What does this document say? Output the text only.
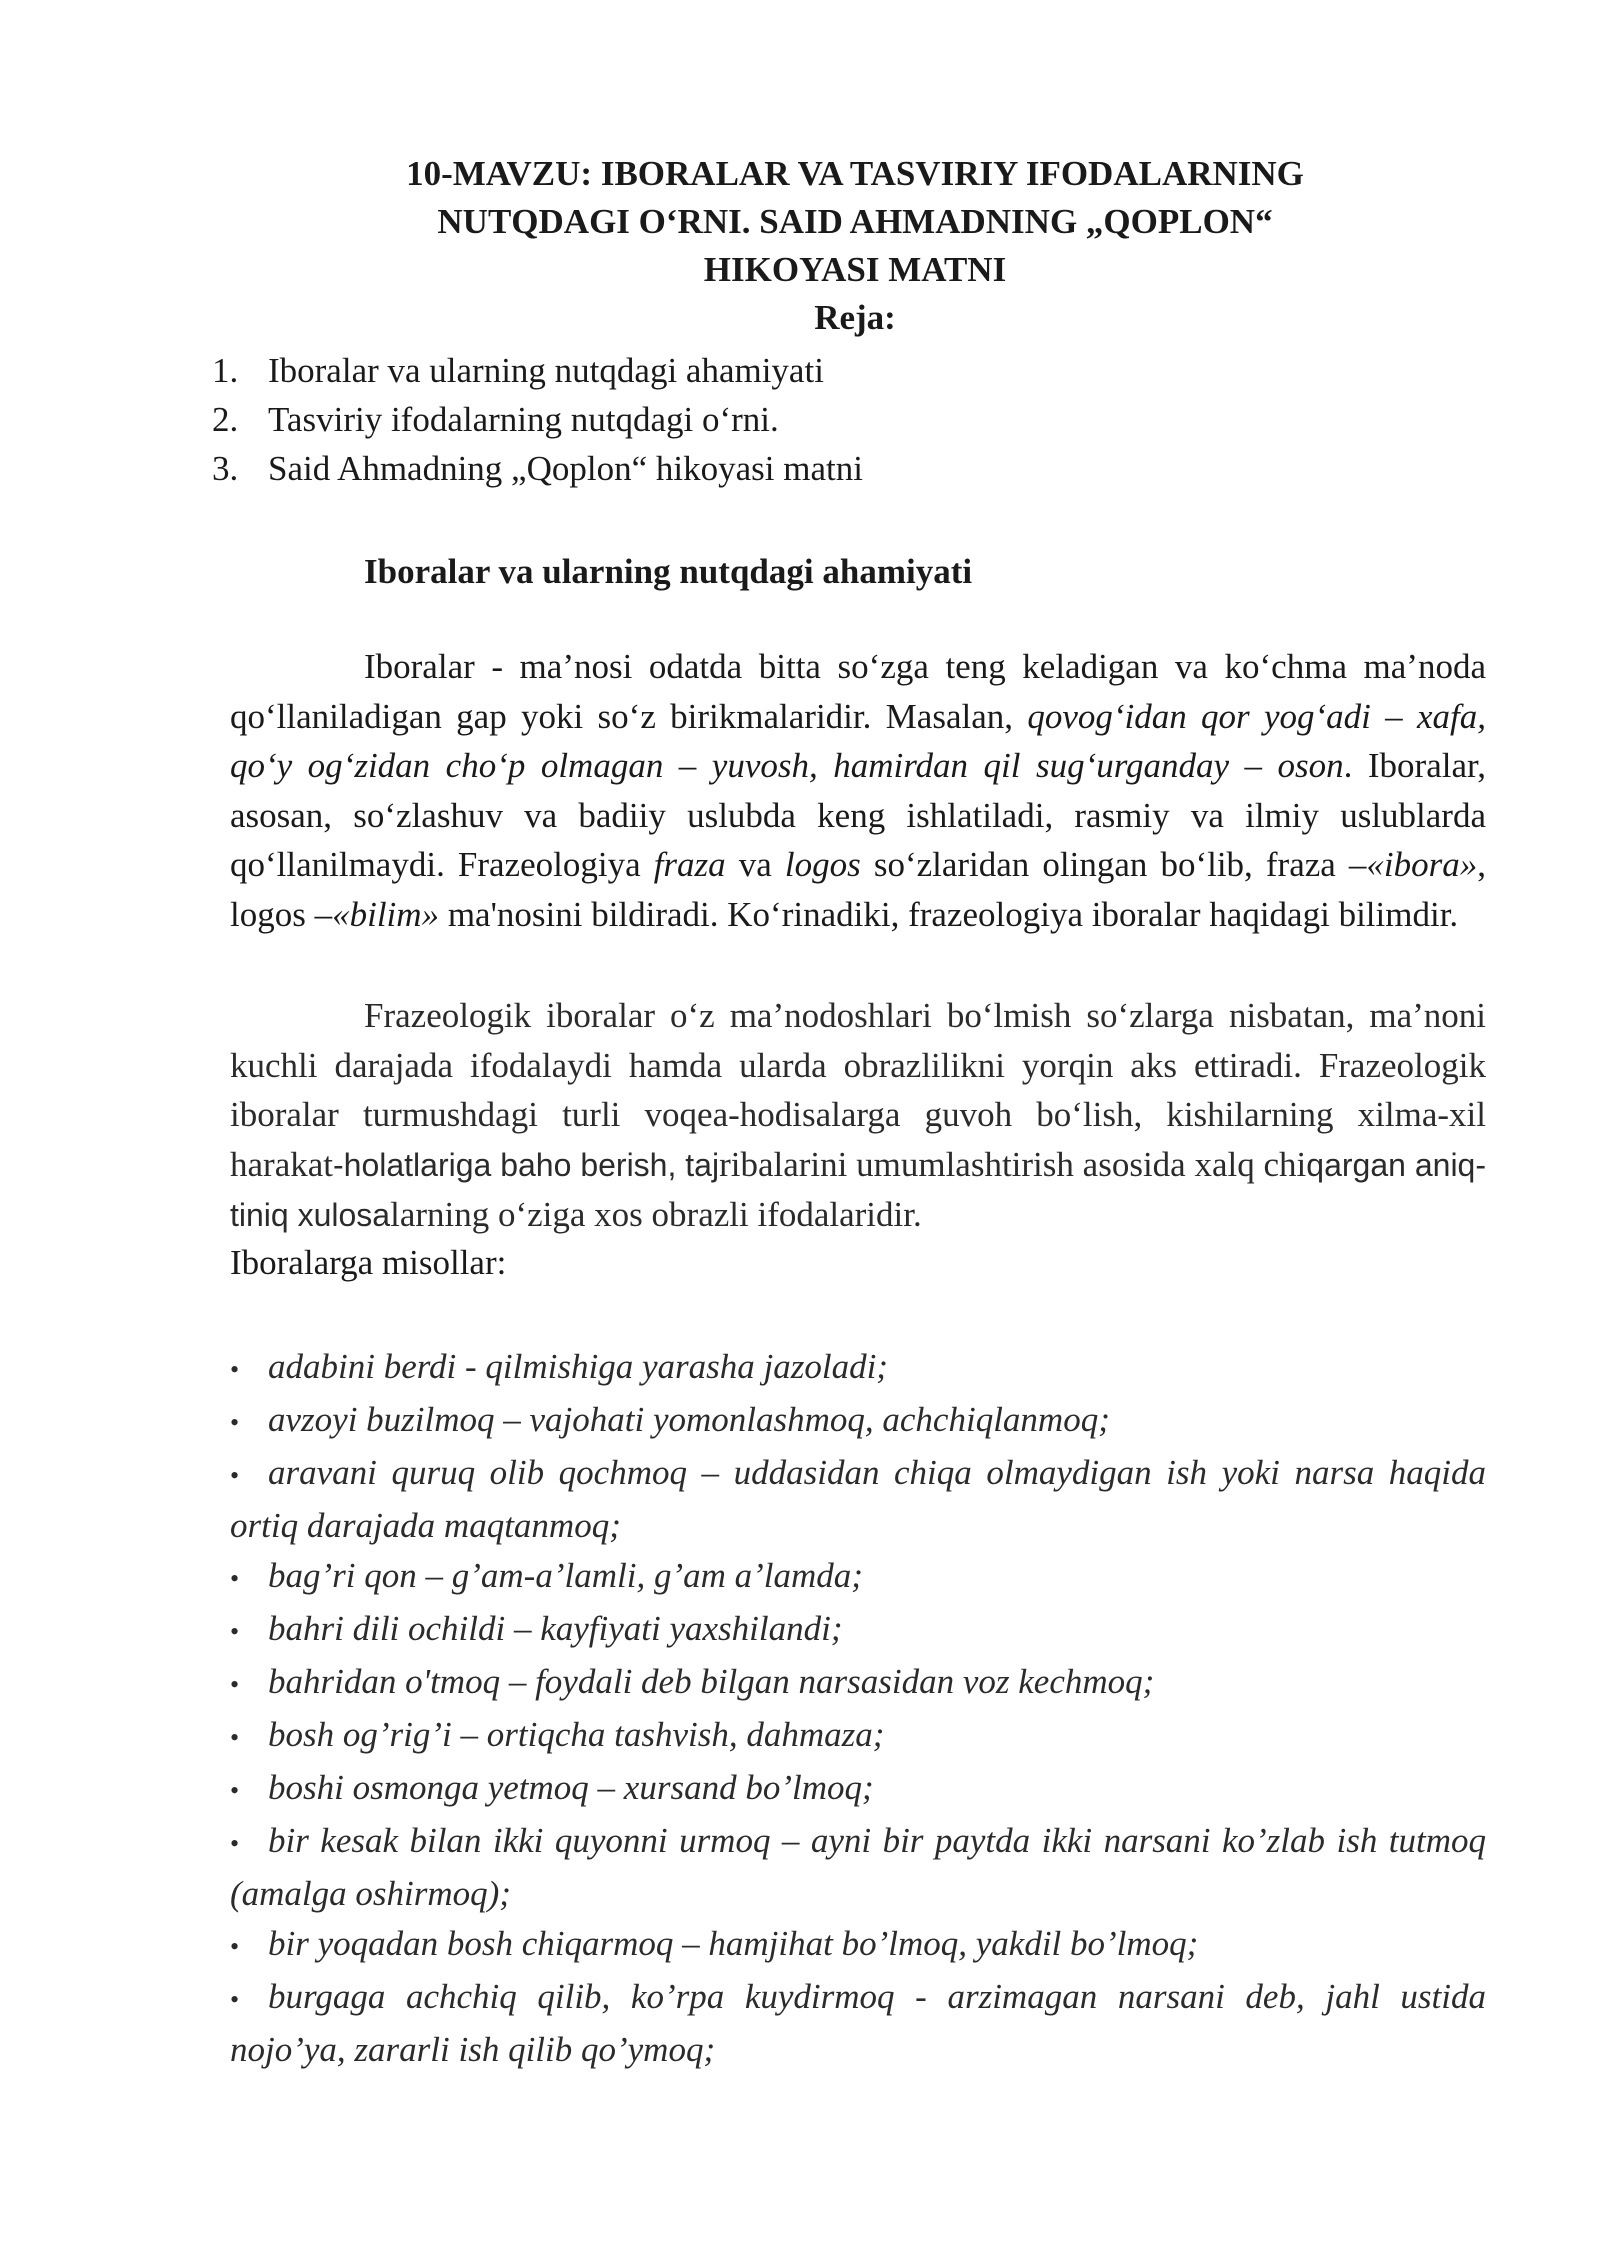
10-MAVZU: IBORALAR VA TASVIRIY IFODALARNING
NUTQDAGI O‘RNI. SAID AHMADNING „QOPLON“
HIKOYASI MATNI
Reja:
1. Iboralar va ularning nutqdagi ahamiyati
2. Tasviriy ifodalarning nutqdagi o‘rni.
3. Said Ahmadning „Qoplon“ hikoyasi matni
Iboralar va ularning nutqdagi ahamiyati

Iboralar - ma’nosi odatda bitta so‘zga teng keladigan va ko‘chma ma’noda qo‘llaniladigan gap yoki so‘z birikmalaridir. Masalan, qovog‘idan qor yog‘adi – xafa, qo‘y og‘zidan cho‘p olmagan – yuvosh, hamirdan qil sug‘urganday – oson. Iboralar, asosan, so‘zlashuv va badiiy uslubda keng ishlatiladi, rasmiy va ilmiy uslublarda qo‘llanilmaydi. Frazeologiya fraza va logos so‘zlaridan olingan bo‘lib, fraza –«ibora», logos –«bilim» ma'nosini bildiradi. Ko‘rinadiki, frazeologiya iboralar haqidagi bilimdir.

Frazeologik iboralar o‘z ma’nodoshlari bo‘lmish so‘zlarga nisbatan, ma’noni kuchli darajada ifodalaydi hamda ularda obrazlilikni yorqin aks ettiradi. Frazeologik iboralar turmushdagi turli voqea-hodisalarga guvoh bo‘lish, kishilarning xilma-xil harakat-holatlariga baho berish, tajribalarini umumlashtirish asosida xalq chiqargan aniq-tiniq xulosalarning o‘ziga xos obrazli ifodalaridir.

Iboralarga misollar:
• adabini berdi - qilmishiga yarasha jazoladi;
• avzoyi buzilmoq – vajohati yomonlashmoq, achchiqlanmoq;
• aravani quruq olib qochmoq – uddasidan chiqa olmaydigan ish yoki narsa haqida ortiq darajada maqtanmoq;
• bag’ri qon – g’am-a’lamli, g’am a’lamda;
• bahri dili ochildi – kayfiyati yaxshilandi;
• bahridan o'tmoq – foydali deb bilgan narsasidan voz kechmoq;
• bosh og’rig’i – ortiqcha tashvish, dahmaza;
• boshi osmonga yetmoq – xursand bo’lmoq;
• bir kesak bilan ikki quyonni urmoq – ayni bir paytda ikki narsani ko’zlab ish tutmoq (amalga oshirmoq);
• bir yoqadan bosh chiqarmoq – hamjihat bo’lmoq, yakdil bo’lmoq;
• burgaga achchiq qilib, ko’rpa kuydirmoq - arzimagan narsani deb, jahl ustida nojo’ya, zararli ish qilib qo’ymoq;
